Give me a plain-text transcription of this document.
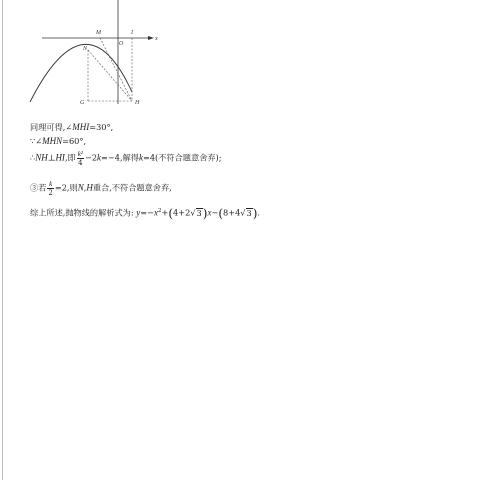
M
O
I
x
N
G	H
同理可得,∠MHI=30°,
∵∠MHN=60°,
∴NH⊥HI,即 $\frac{\text{k²}}{4} -2k=-4$,解得k=4(不符合题意舍弃);
③若 $\frac{k}{2} =2$,则N,H重合,不符合题意舍弃,
综上所述,抛物线的解析式为: $y=-x^2+(4+2√3)x-(8+4√3)$.
